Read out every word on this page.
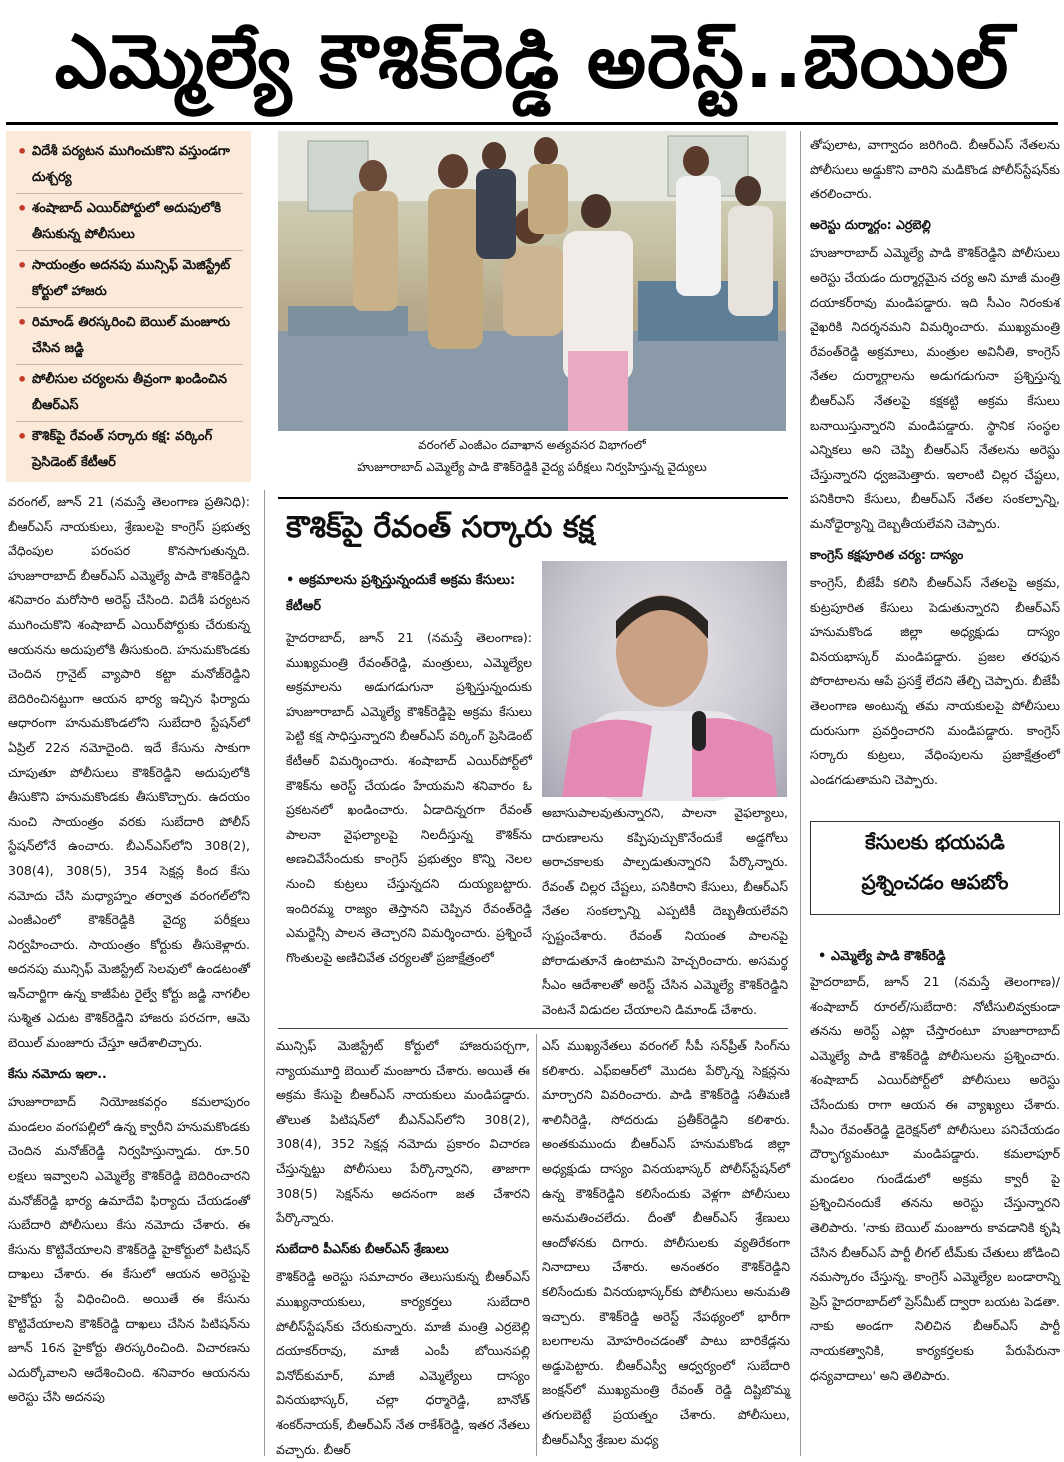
ఎమ్మెల్యే కౌశిక్‌రెడ్డి అరెస్ట్‌..బెయిల్‌
• విదేశీ పర్యటన ముగించుకొని వస్తుండగా దుశ్చర్య
• శంషాబాద్‌ ఎయిర్‌పోర్టులో అదుపులోకి తీసుకున్న పోలీసులు
• సాయంత్రం అదనపు మున్సిఫ్‌ మెజిస్ట్రేట్‌ కోర్టులో హాజరు
• రిమాండ్‌ తిరస్కరించి బెయిల్‌ మంజూరు చేసిన జడ్జి
• పోలీసుల చర్యలను తీవ్రంగా ఖండించిన బీఆర్‌ఎస్‌
• కౌశిక్‌పై రేవంత్‌ సర్కారు కక్ష: వర్కింగ్‌ ప్రెసిడెంట్‌ కేటీఆర్‌
వరంగల్‌ ఎంజీఎం దవాఖాన అత్యవసర విభాగంలో
హుజూరాబాద్‌ ఎమ్మెల్యే పాడి కౌశిక్‌రెడ్డికి వైద్య పరీక్షలు నిర్వహిస్తున్న వైద్యులు

వరంగల్‌, జూన్‌ 21 (నమస్తే తెలంగాణ ప్రతినిధి): బీఆర్‌ఎస్‌ నాయకులు, శ్రేణులపై కాంగ్రెస్‌ ప్రభుత్వ వేధింపుల పరంపర కొనసాగుతున్నది. హుజూరాబాద్‌ బీఆర్‌ఎస్‌ ఎమ్మెల్యే పాడి కౌశిక్‌రెడ్డిని శనివారం మరోసారి అరెస్ట్‌ చేసింది. విదేశీ పర్యటన ముగించుకొని శంషాబాద్‌ ఎయిర్‌పోర్టుకు చేరుకున్న ఆయనను అదుపులోకి తీసుకుంది. హనుమకొండకు చెందిన గ్రానైట్‌ వ్యాపారి కట్టా మనోజ్‌రెడ్డిని బెదిరించినట్టుగా ఆయన భార్య ఇచ్చిన ఫిర్యాదు ఆధారంగా హనుమకొండలోని సుబేదారి స్టేషన్‌లో ఏప్రిల్‌ 22న నమోదైంది. ఇదే కేసును సాకుగా చూపుతూ పోలీసులు కౌశిక్‌రెడ్డిని అదుపులోకి తీసుకొని హనుమకొండకు తీసుకొచ్చారు. ఉదయం నుంచి సాయంత్రం వరకు సుబేదారి పోలీస్‌ స్టేషన్‌లోనే ఉంచారు. బీఎన్‌ఎస్‌లోని 308(2), 308(4), 308(5), 354 సెక్షన్ల కింద కేసు నమోదు చేసి మధ్యాహ్నం తర్వాత వరంగల్‌లోని ఎంజీఎంలో కౌశిక్‌రెడ్డికి వైద్య పరీక్షలు నిర్వహించారు. సాయంత్రం కోర్టుకు తీసుకెళ్లారు. అదనపు మున్సిఫ్‌ మెజిస్ట్రేట్‌ సెలవులో ఉండటంతో ఇన్‌చార్జిగా ఉన్న కాజీపేట రైల్వే కోర్టు జడ్జి నాగలీల సుశ్మిత ఎదుట కౌశిక్‌రెడ్డిని హాజరు పరచగా, ఆమె బెయిల్‌ మంజూరు చేస్తూ ఆదేశాలిచ్చారు.

కేసు నమోదు ఇలా..

హుజూరాబాద్‌ నియోజకవర్గం కమలాపురం మండలం వంగపల్లిలో ఉన్న క్వారీని హనుమకొండకు చెందిన మనోజ్‌రెడ్డి నిర్వహిస్తున్నాడు. రూ.50 లక్షలు ఇవ్వాలని ఎమ్మెల్యే కౌశిక్‌రెడ్డి బెదిరించారని మనోజ్‌రెడ్డి భార్య ఉమాదేవి ఫిర్యాదు చేయడంతో సుబేదారి పోలీసులు కేసు నమోదు చేశారు. ఈ కేసును కొట్టివేయాలని కౌశిక్‌రెడ్డి హైకోర్టులో పిటిషన్‌ దాఖలు చేశారు. ఈ కేసులో ఆయన అరెస్టుపై హైకోర్టు స్టే విధించింది. అయితే ఈ కేసును కొట్టివేయాలని కౌశిక్‌రెడ్డి దాఖలు చేసిన పిటిషన్‌ను జూన్‌ 16న హైకోర్టు తిరస్కరించింది. విచారణను ఎదుర్కోవాలని ఆదేశించింది. శనివారం ఆయనను అరెస్టు చేసి అదనపు

కౌశిక్‌పై రేవంత్‌ సర్కారు కక్ష
• అక్రమాలను ప్రశ్నిస్తున్నందుకే అక్రమ కేసులు: కేటీఆర్‌

హైదరాబాద్‌, జూన్‌ 21 (నమస్తే తెలంగాణ): ముఖ్యమంత్రి రేవంత్‌రెడ్డి, మంత్రులు, ఎమ్మెల్యేల అక్రమాలను అడుగడుగునా ప్రశ్నిస్తున్నందుకు హుజూరాబాద్‌ ఎమ్మెల్యే కౌశిక్‌రెడ్డిపై అక్రమ కేసులు పెట్టి కక్ష సాధిస్తున్నారని బీఆర్‌ఎస్‌ వర్కింగ్‌ ప్రెసిడెంట్‌ కేటీఆర్‌ విమర్శించారు. శంషాబాద్‌ ఎయిర్‌పోర్ట్‌లో కౌశిక్‌ను అరెస్ట్‌ చేయడం హేయమని శనివారం ఓ ప్రకటనలో ఖండించారు. ఏడాదిన్నరగా రేవంత్‌ పాలనా వైఫల్యాలపై నిలదీస్తున్న కౌశిక్‌ను అణచివేసేందుకు కాంగ్రెస్‌ ప్రభుత్వం కొన్ని నెలల నుంచి కుట్రలు చేస్తున్నదని దుయ్యబట్టారు. ఇందిరమ్మ రాజ్యం తెస్తానని చెప్పిన రేవంత్‌రెడ్డి ఎమర్జెన్సీ పాలన తెచ్చారని విమర్శించారు. ప్రశ్నించే గొంతులపై అణిచివేత చర్యలతో ప్రజాక్షేత్రంలో

అబాసుపాలవుతున్నారని, పాలనా వైఫల్యాలు, దారుణాలను కప్పిపుచ్చుకొనేందుకే అడ్డగోలు అరాచకాలకు పాల్పడుతున్నారని పేర్కొన్నారు. రేవంత్‌ చిల్లర చేష్టలు, పనికిరాని కేసులు, బీఆర్‌ఎస్‌ నేతల సంకల్పాన్ని ఎప్పటికీ దెబ్బతీయలేవని స్పష్టంచేశారు. రేవంత్‌ నియంత పాలనపై పోరాడుతూనే ఉంటామని హెచ్చరించారు. అసమర్థ సీఎం ఆదేశాలతో అరెస్ట్‌ చేసిన ఎమ్మెల్యే కౌశిక్‌రెడ్డిని వెంటనే విడుదల చేయాలని డిమాండ్‌ చేశారు.

మున్సిఫ్‌ మెజిస్ట్రేట్‌ కోర్టులో హాజరుపర్చగా, న్యాయమూర్తి బెయిల్‌ మంజూరు చేశారు. అయితే ఈ అక్రమ కేసుపై బీఆర్‌ఎస్‌ నాయకులు మండిపడ్డారు. తొలుత పిటిషన్‌లో బీఎన్‌ఎస్‌లోని 308(2), 308(4), 352 సెక్షన్ల నమోదు ప్రకారం విచారణ చేస్తున్నట్టు పోలీసులు పేర్కొన్నారని, తాజాగా 308(5) సెక్షన్‌ను అదనంగా జత చేశారని పేర్కొన్నారు.

సుబేదారి పీఎస్‌కు బీఆర్‌ఎస్‌ శ్రేణులు

కౌశిక్‌రెడ్డి అరెస్టు సమాచారం తెలుసుకున్న బీఆర్‌ఎస్‌ ముఖ్యనాయకులు, కార్యకర్తలు సుబేదారి పోలీస్‌స్టేషన్‌కు చేరుకున్నారు. మాజీ మంత్రి ఎర్రబెల్లి దయాకర్‌రావు, మాజీ ఎంపీ బోయినపల్లి వినోద్‌కుమార్‌, మాజీ ఎమ్మెల్యేలు దాస్యం వినయభాస్కర్‌, చల్లా ధర్మారెడ్డి, బానోత్‌ శంకర్‌నాయక్‌, బీఆర్‌ఎస్‌ నేత రాకేశ్‌రెడ్డి, ఇతర నేతలు వచ్చారు. బీఆర్‌

ఎస్‌ ముఖ్యనేతలు వరంగల్‌ సీపీ సన్‌ప్రీత్‌ సింగ్‌ను కలిశారు. ఎఫ్‌ఐఆర్‌లో మొదట పేర్కొన్న సెక్షన్లను మార్చారని వివరించారు. పాడి కౌశిక్‌రెడ్డి సతీమణి శాలినీరెడ్డి, సోదరుడు ప్రతీక్‌రెడ్డిని కలిశారు. అంతకుముందు బీఆర్‌ఎస్‌ హనుమకొండ జిల్లా అధ్యక్షుడు దాస్యం వినయభాస్కర్‌ పోలీస్‌స్టేషన్‌లో ఉన్న కౌశిక్‌రెడ్డిని కలిసేందుకు వెళ్లగా పోలీసులు అనుమతించలేదు. దీంతో బీఆర్‌ఎస్‌ శ్రేణులు ఆందోళనకు దిగారు. పోలీసులకు వ్యతిరేకంగా నినాదాలు చేశారు. అనంతరం కౌశిక్‌రెడ్డిని కలిసేందుకు వినయభాస్కర్‌కు పోలీసులు అనుమతి ఇచ్చారు. కౌశిక్‌రెడ్డి అరెస్ట్‌ నేపథ్యంలో భారీగా బలగాలను మోహరించడంతో పాటు బారికేడ్లను అడ్డుపెట్టారు. బీఆర్‌ఎస్వీ ఆధ్వర్యంలో సుబేదారి జంక్షన్‌లో ముఖ్యమంత్రి రేవంత్‌ రెడ్డి దిష్టిబొమ్మ తగులబెట్టే ప్రయత్నం చేశారు. పోలీసులు, బీఆర్‌ఎస్వీ శ్రేణుల మధ్య

తోపులాట, వాగ్వాదం జరిగింది. బీఆర్‌ఎస్‌ నేతలను పోలీసులు అడ్డుకొని వారిని మడికొండ పోలీస్‌స్టేషన్‌కు తరలించారు.

అరెస్టు దుర్మార్గం: ఎర్రబెల్లి

హుజూరాబాద్‌ ఎమ్మెల్యే పాడి కౌశిక్‌రెడ్డిని పోలీసులు అరెస్టు చేయడం దుర్మార్గమైన చర్య అని మాజీ మంత్రి దయాకర్‌రావు మండిపడ్డారు. ఇది సీఎం నిరంకుశ వైఖరికి నిదర్శనమని విమర్శించారు. ముఖ్యమంత్రి రేవంత్‌రెడ్డి అక్రమాలు, మంత్రుల అవినీతి, కాంగ్రెస్‌ నేతల దుర్మార్గాలను అడుగడుగునా ప్రశ్నిస్తున్న బీఆర్‌ఎస్‌ నేతలపై కక్షకట్టి అక్రమ కేసులు బనాయిస్తున్నారని మండిపడ్డారు. స్థానిక సంస్థల ఎన్నికలు అని చెప్పి బీఆర్‌ఎస్‌ నేతలను అరెస్టు చేస్తున్నారని ధ్వజమెత్తారు. ఇలాంటి చిల్లర చేష్టలు, పనికిరాని కేసులు, బీఆర్‌ఎస్‌ నేతల సంకల్పాన్ని, మనోధైర్యాన్ని దెబ్బతీయలేవని చెప్పారు.

కాంగ్రెస్‌ కక్షపూరిత చర్య: దాస్యం

కాంగ్రెస్‌, బీజేపీ కలిసి బీఆర్‌ఎస్‌ నేతలపై అక్రమ, కుట్రపూరిత కేసులు పెడుతున్నారని బీఆర్‌ఎస్‌ హనుమకొండ జిల్లా అధ్యక్షుడు దాస్యం వినయభాస్కర్‌ మండిపడ్డారు. ప్రజల తరఫున పోరాటాలను ఆపే ప్రసక్తే లేదని తేల్చి చెప్పారు. బీజేపీ తెలంగాణ అంటున్న తమ నాయకులపై పోలీసులు దురుసుగా ప్రవర్తించారని మండిపడ్డారు. కాంగ్రెస్‌ సర్కారు కుట్రలు, వేధింపులను ప్రజాక్షేత్రంలో ఎండగడుతామని చెప్పారు.

కేసులకు భయపడి
ప్రశ్నించడం ఆపబోం
• ఎమ్మెల్యే పాడి కౌశిక్‌రెడ్డి

హైదరాబాద్‌, జూన్‌ 21 (నమస్తే తెలంగాణ)/శంషాబాద్‌ రూరల్‌/సుబేదారి: నోటీసులివ్వకుండా తనను అరెస్ట్‌ ఎట్లా చేస్తారంటూ హుజూరాబాద్‌ ఎమ్మెల్యే పాడి కౌశిక్‌రెడ్డి పోలీసులను ప్రశ్నించారు. శంషాబాద్‌ ఎయిర్‌పోర్ట్‌లో పోలీసులు అరెస్టు చేసేందుకు రాగా ఆయన ఈ వ్యాఖ్యలు చేశారు. సీఎం రేవంత్‌రెడ్డి డైరెక్షన్‌లో పోలీసులు పనిచేయడం దౌర్భాగ్యమంటూ మండిపడ్డారు. కమలాపూర్‌ మండలం గుండేడులో అక్రమ క్వారీ పై ప్రశ్నించినందుకే తనను అరెస్టు చేస్తున్నారని తెలిపారు. 'నాకు బెయిల్‌ మంజూరు కావడానికి కృషి చేసిన బీఆర్‌ఎస్‌ పార్టీ లీగల్‌ టీమ్‌కు చేతులు జోడించి నమస్కారం చేస్తున్న. కాంగ్రెస్‌ ఎమ్మెల్యేల బండారాన్ని ప్రెస్‌ హైదరాబాద్‌లో ప్రెస్‌మీట్‌ ద్వారా బయట పెడతా. నాకు అండగా నిలిచిన బీఆర్‌ఎస్‌ పార్టీ నాయకత్వానికి, కార్యకర్తలకు పేరుపేరునా ధన్యవాదాలు' అని తెలిపారు.
